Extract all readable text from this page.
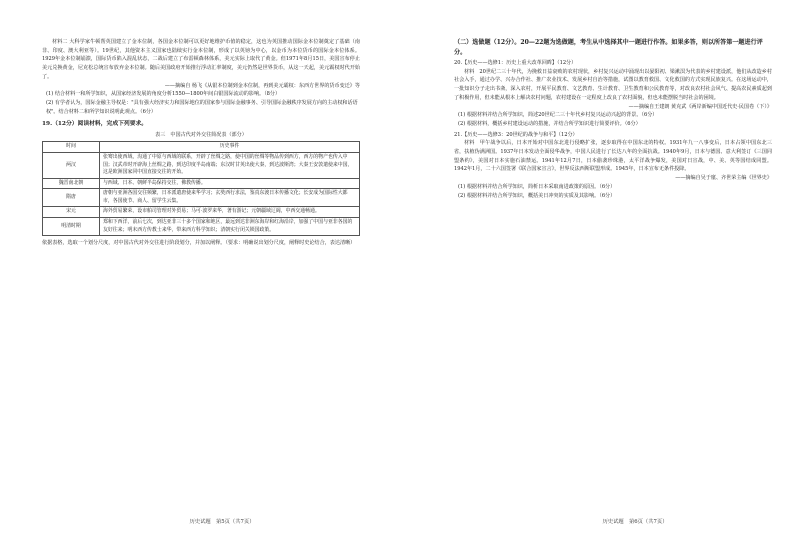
材料二 大科学家牛顿帮英国建立了金本位制，各国金本位制可以更好地维护币值的稳定，这也为英国推动国际金本位制奠定了基础（南非、印度、澳大利亚等）。19世纪，其他资本主义国家也陆续实行金本位制，形成了以英镑为中心，以金币为本位货币的国际金本位体系。1929年金本位制崩溃，国际货币陷入混乱状态，二战后建立了布雷顿森林体系，美元实际上取代了黄金。但1971年8月15日，美国宣布停止美元兑换黄金，尼克松总统宣布放弃金本位制。随后美国政府开始推行浮动汇率制度，美元仍然是世界货币，从这一天起，美元霸权时代开始了。

——摘编自 杨飞《从银本位制到金本位制，再到美元霸权：东西方世界的货币变迁》等

(1) 结合材料一和所学知识，从国家经济发展的角度分析1550—1800年间白银国际流动的影响。（8分）

(2) 有学者认为，国际金融主导权是："具有强大经济实力和国际地位的国家参与国际金融事务、引导国际金融秩序发展方向的主动权和话语权"。结合材料二和所学知识说明此观点。（6分）

19.（12分）阅读材料，完成下列要求。

表三　中国古代对外交往简况表（部分）

时间	历史事件
两汉	张骞出使西域，沟通了中原与西域的联系，开辟了丝绸之路，使中国的丝绸等物品传到西方，西方的物产也传入中国；汉武帝时开辟海上丝绸之路，到达印度半岛南端；东汉时甘英出使大秦，到达波斯湾；大秦王安敦遣使来中国，这是欧洲国家同中国直接交往的开始。
魏晋南北朝	与西域、日本、朝鲜半岛保持交往，佛教传播。
隋唐	唐朝与亚洲各国交往频繁，日本派遣唐使来华学习；玄奘西行求法，鉴真东渡日本传播文化；长安成为国际性大都市，各国使节、商人、留学生云集。
宋元	海外贸易繁荣，设市舶司管理对外贸易；马可·波罗来华，著有游记；元朝疆域辽阔，中西交通畅通。
明清时期	郑和下西洋，前后七次，到达亚非三十多个国家和地区，最远到达非洲东海岸和红海沿岸，加强了中国与亚非各国的友好往来；明末西方传教士来华，带来西方科学知识；清朝实行闭关锁国政策。

依据表格，选取一个划分尺度，对中国古代对外交往进行阶段划分，并加以阐释。（要求：明确说出划分尺度，阐释时史论结合，表达清晰）

（二）选做题（12分）。20—22题为选做题，考生从中选择其中一题进行作答。如果多答，则以所答第一题进行评分。

20.【历史——选修1：历史上重大改革回眸】（12分）

材料　20世纪二三十年代，为挽救日益衰败的农村现状，乡村复兴运动中涌现出以晏阳初、梁漱溟为代表的乡村建设派，他们从改造乡村社会入手，通过办学、兴办合作社、推广农业技术、发展乡村自治等措施，试图以教育救国、文化救国的方式实现民族复兴。在这场运动中，一批知识分子走出书斋，深入农村，开展平民教育、文艺教育、生计教育、卫生教育和公民教育等，对改良农村社会风气、提高农民素质起到了积极作用，但未能从根本上解决农村问题，农村建设在一定程度上改良了农村面貌，但也未能摆脱当时社会的困境。

——摘编自王建朗 黄克武《两岸新编中国近代史·民国卷（下）》

(1) 根据材料并结合所学知识，简述20世纪二三十年代乡村复兴运动兴起的背景。（6分）

(2) 根据材料，概括乡村建设运动的措施，并结合所学知识进行简要评价。（6分）

21.【历史——选修3：20世纪的战争与和平】（12分）

材料　甲午战争以后，日本开始对中国东北进行侵略扩张，逐步取得在中国东北的特权。1931年九一八事变后，日本占领中国东北三省，扶植伪满洲国。1937年日本发动全面侵华战争，中国人民进行了长达八年的全面抗战。1940年9月，日本与德国、意大利签订《三国同盟条约》，美国对日本实施石油禁运。1941年12月7日，日本偷袭珍珠港，太平洋战争爆发，美国对日宣战，中、美、英等国结成同盟。1942年1月，二十六国签署《联合国家宣言》，世界反法西斯联盟形成。1945年，日本宣布无条件投降。

——摘编自吴于廑、齐世荣主编《世界史》

(1) 根据材料并结合所学知识，简析日本采取南进政策的原因。（6分）

(2) 根据材料并结合所学知识，概括美日冲突的实质及其影响。（6分）

历史试题　第5页（共7页）	历史试题　第6页（共7页）
